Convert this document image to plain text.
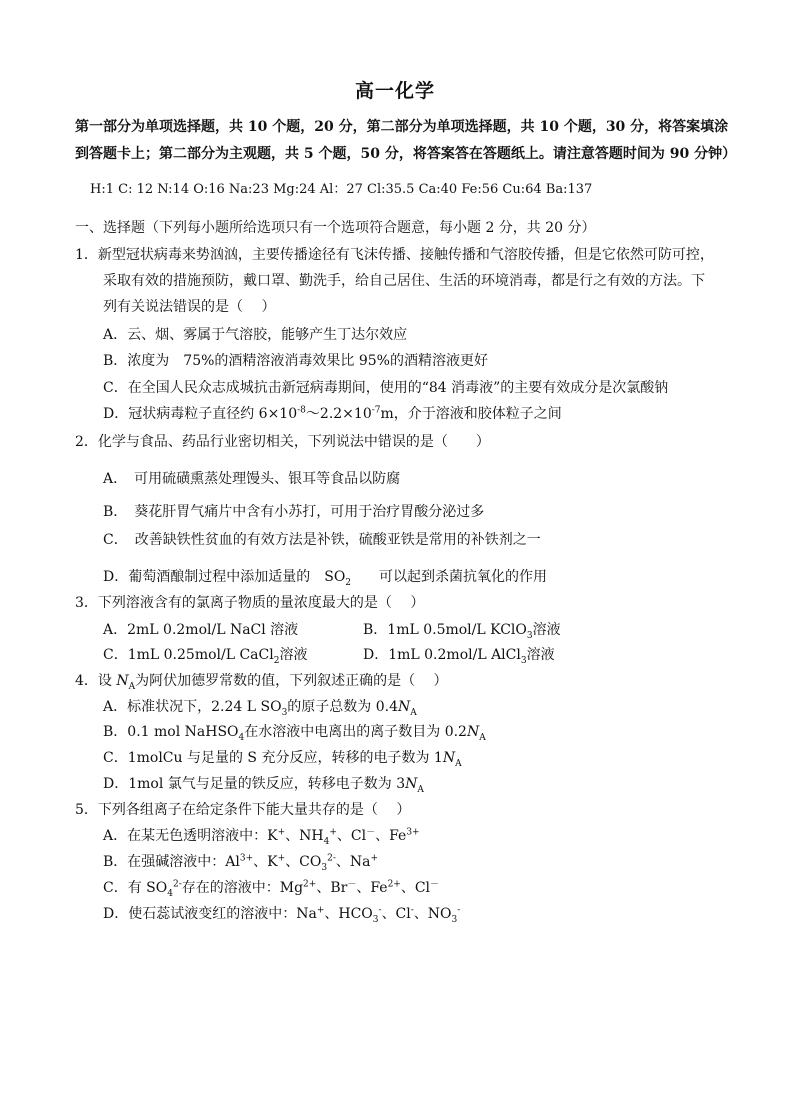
高一化学
第一部分为单项选择题，共 10 个题，20 分，第二部分为单项选择题，共 10 个题，30 分，将答案填涂到答题卡上；第二部分为主观题，共 5 个题，50 分，将答案答在答题纸上。请注意答题时间为 90 分钟）
H:1 C: 12 N:14 O:16 Na:23 Mg:24 Al：27 Cl:35.5 Ca:40 Fe:56 Cu:64 Ba:137
一、选择题（下列每小题所给选项只有一个选项符合题意，每小题 2 分，共 20 分）
1．新型冠状病毒来势汹汹，主要传播途径有飞沫传播、接触传播和气溶胶传播，但是它依然可防可控，
采取有效的措施预防，戴口罩、勤洗手，给自己居住、生活的环境消毒，都是行之有效的方法。下
列有关说法错误的是（　 ）
A．云、烟、雾属于气溶胶，能够产生丁达尔效应
B．浓度为　75%的酒精溶液消毒效果比 95%的酒精溶液更好
C．在全国人民众志成城抗击新冠病毒期间，使用的“84 消毒液”的主要有效成分是次氯酸钠
D．冠状病毒粒子直径约 $6\times 10^{-8}\sim 2.2\times 10^{-7}m$，介于溶液和胶体粒子之间
2．化学与食品、药品行业密切相关，下列说法中错误的是（　　）
A．　可用硫磺熏蒸处理馒头、银耳等食品以防腐
B．　葵花肝胃气痛片中含有小苏打，可用于治疗胃酸分泌过多
C．　改善缺铁性贫血的有效方法是补铁，硫酸亚铁是常用的补铁剂之一
D．葡萄酒酿制过程中添加适量的　$SO_2$　　可以起到杀菌抗氧化的作用
3．下列溶液含有的氯离子物质的量浓度最大的是（　 ）
A．2mL 0.2mol/L NaCl 溶液	B．1mL 0.5mol/L KClO$_3$溶液
C．1mL 0.25mol/L CaCl$_2$溶液	D．1mL 0.2mol/L AlCl$_3$溶液
4．设 $N_A$为阿伏加德罗常数的值，下列叙述正确的是（　 ）
A．标准状况下，2.24 L $SO_3$的原子总数为 $0.4N_A$
B．0.1 mol NaHSO$_4$在水溶液中电离出的离子数目为 $0.2N_A$
C．1molCu 与足量的 S 充分反应，转移的电子数为 $1N_A$
D．1mol 氯气与足量的铁反应，转移电子数为 $3N_A$
5．下列各组离子在给定条件下能大量共存的是（　 ）
A．在某无色透明溶液中：K+、$NH_4^+$、Cl－、$Fe^{3+}$
B．在强碱溶液中：$Al^{3+}$、K+、$CO_3^{2-}$、Na+
C．有 $SO_4^{2-}$存在的溶液中：$Mg^{2+}$、Br－、$Fe^{2+}$、Cl－
D．使石蕊试液变红的溶液中：Na+、$HCO_3^-$、Cl-、$NO_3^-$
